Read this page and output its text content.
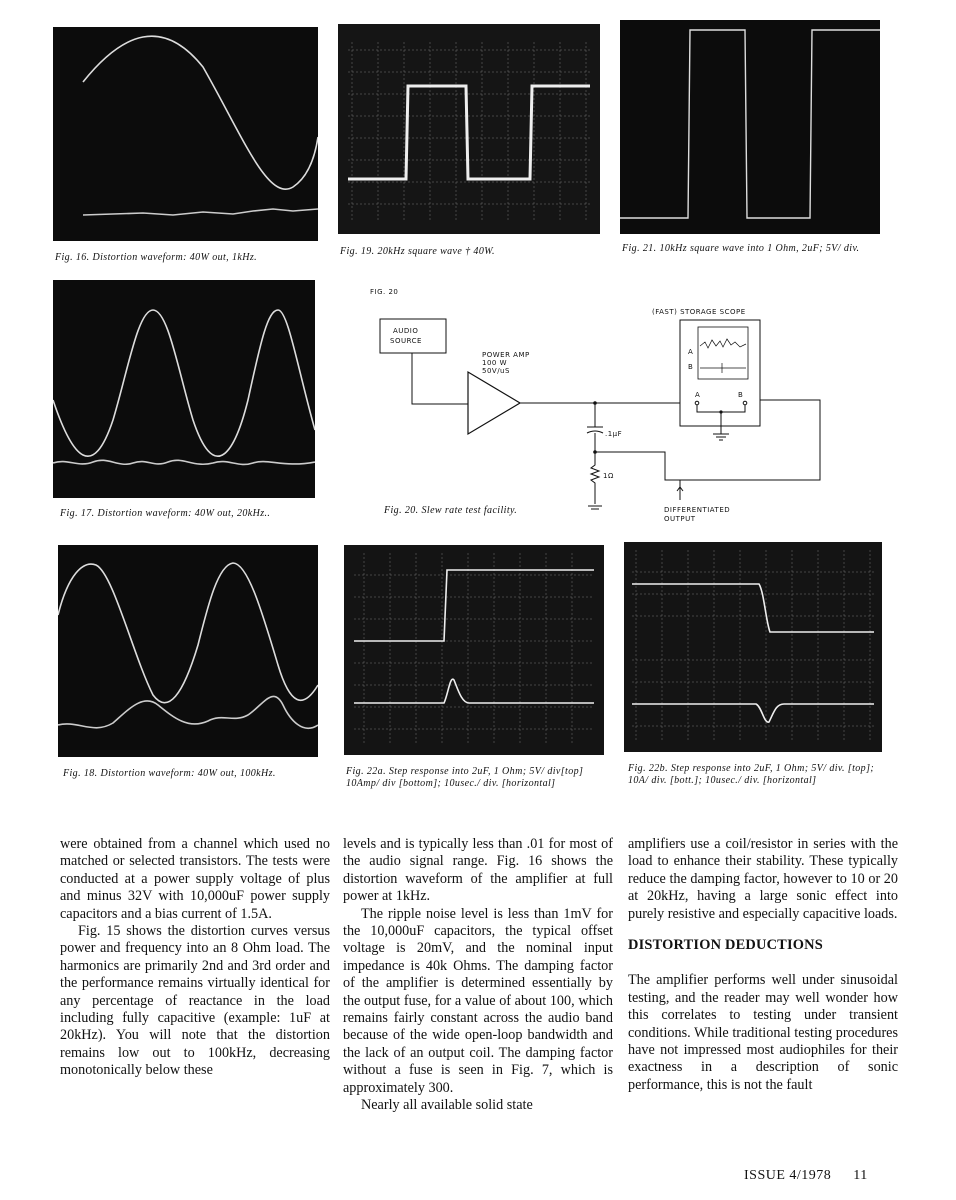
Fig. 16. Distortion waveform: 40W out, 1kHz.
Fig. 19. 20kHz square wave † 40W.	Fig. 21. 10kHz square wave into 1 Ohm, 2uF; 5V/ div.
Fig. 17. Distortion waveform: 40W out, 20kHz..
FIG. 20
AUDIO
SOURCE
POWER AMP
100 W
50V/uS
.1µF
1Ω
(FAST) STORAGE SCOPE
A
B
A	B
DIFFERENTIATED
OUTPUT
Fig. 20. Slew rate test facility.
Fig. 18. Distortion waveform: 40W out, 100kHz.	Fig. 22a. Step response into 2uF, 1 Ohm; 5V/ div[top] 10Amp/ div [bottom]; 10usec./ div. [horizontal]
Fig. 22b. Step response into 2uF, 1 Ohm; 5V/ div. [top]; 10A/ div. [bott.]; 10usec./ div. [horizontal]

were obtained from a channel which used no matched or selected transistors. The tests were conducted at a power supply voltage of plus and minus 32V with 10,000uF power supply capacitors and a bias current of 1.5A.

Fig. 15 shows the distortion curves versus power and frequency into an 8 Ohm load. The harmonics are primarily 2nd and 3rd order and the performance remains virtually identical for any percentage of reactance in the load including fully capacitive (example: 1uF at 20kHz). You will note that the distortion remains low out to 100kHz, decreasing monotonically below these

levels and is typically less than .01 for most of the audio signal range. Fig. 16 shows the distortion waveform of the amplifier at full power at 1kHz.

The ripple noise level is less than 1mV for the 10,000uF capacitors, the typical offset voltage is 20mV, and the nominal input impedance is 40k Ohms. The damping factor of the amplifier is determined essentially by the output fuse, for a value of about 100, which remains fairly constant across the audio band because of the wide open-loop bandwidth and the lack of an output coil. The damping factor without a fuse is seen in Fig. 7, which is approximately 300.

Nearly all available solid state

amplifiers use a coil/resistor in series with the load to enhance their stability. These typically reduce the damping factor, however to 10 or 20 at 20kHz, having a large sonic effect into purely resistive and especially capacitive loads.

DISTORTION DEDUCTIONS

The amplifier performs well under sinusoidal testing, and the reader may well wonder how this correlates to testing under transient conditions. While traditional testing procedures have not impressed most audiophiles for their exactness in a description of sonic performance, this is not the fault

ISSUE 4/1978 11
